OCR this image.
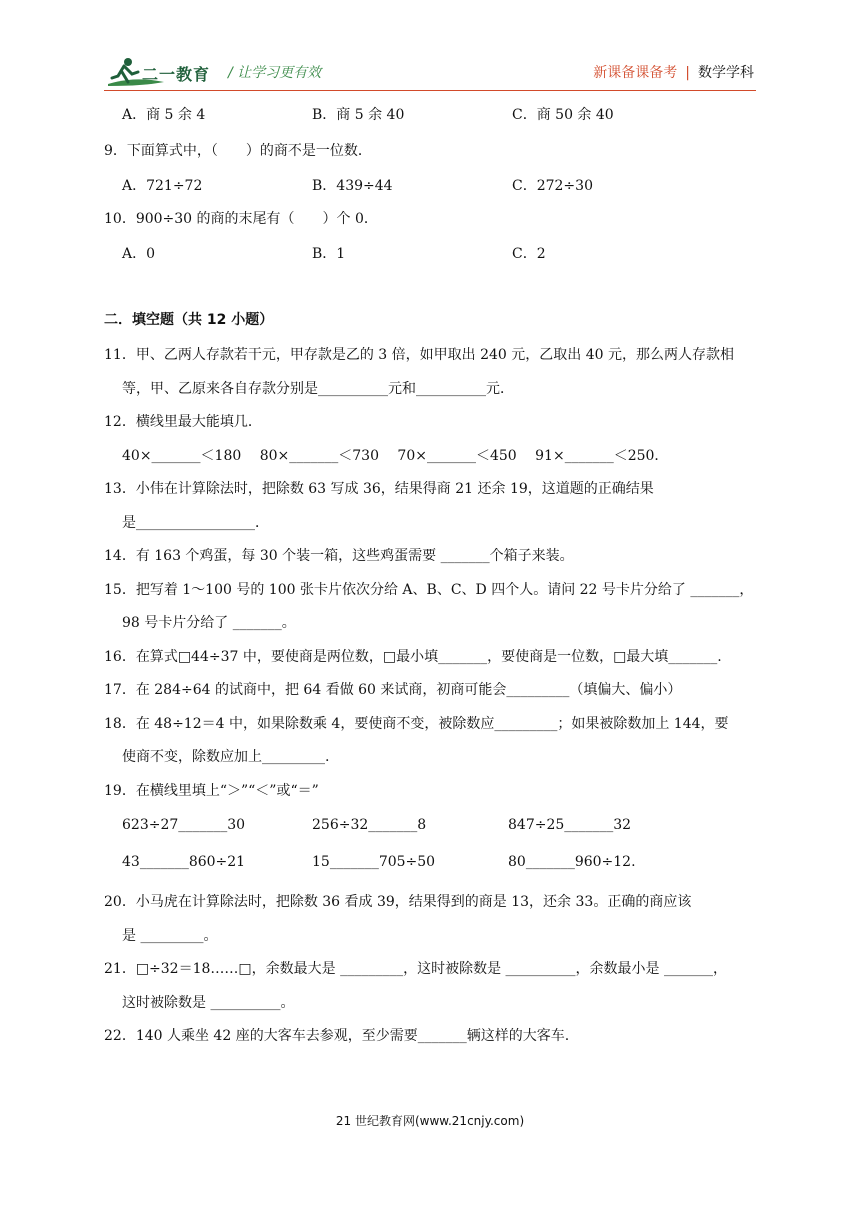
二一教育 / 让学习更有效	新课备课备考 | 数学学科
A．商 5 余 4	B．商 5 余 40	C．商 50 余 40
9．下面算式中，（　　）的商不是一位数．
A．721÷72	B．439÷44	C．272÷30
10．900÷30 的商的末尾有（　　）个 0．
A．0	B．1	C．2
二．填空题（共 12 小题）
11．甲、乙两人存款若干元，甲存款是乙的 3 倍，如甲取出 240 元，乙取出 40 元，那么两人存款相
等，甲、乙原来各自存款分别是__________元和__________元．
12．横线里最大能填几．
40×_______＜180　 80×_______＜730　 70×_______＜450　 91×_______＜250．
13．小伟在计算除法时，把除数 63 写成 36，结果得商 21 还余 19，这道题的正确结果
是_________________．
14．有 163 个鸡蛋，每 30 个装一箱，这些鸡蛋需要 _______个箱子来装。
15．把写着 1～100 号的 100 张卡片依次分给 A、B、C、D 四个人。请问 22 号卡片分给了 _______，
98 号卡片分给了 _______。
16．在算式□44÷37 中，要使商是两位数，□最小填_______，要使商是一位数，□最大填_______.
17．在 284÷64 的试商中，把 64 看做 60 来试商，初商可能会_________（填偏大、偏小）
18．在 48÷12＝4 中，如果除数乘 4，要使商不变，被除数应_________；如果被除数加上 144，要
使商不变，除数应加上_________.
19．在横线里填上“＞”“＜”或“＝”
623÷27_______30	256÷32_______8	847÷25_______32
43_______860÷21	15_______705÷50	80_______960÷12.
20．小马虎在计算除法时，把除数 36 看成 39，结果得到的商是 13，还余 33。正确的商应该
是 _________。
21．□÷32＝18……□，余数最大是 _________，这时被除数是 __________，余数最小是 _______，
这时被除数是 __________。
22．140 人乘坐 42 座的大客车去参观，至少需要_______辆这样的大客车.
21 世纪教育网(www.21cnjy.com)
